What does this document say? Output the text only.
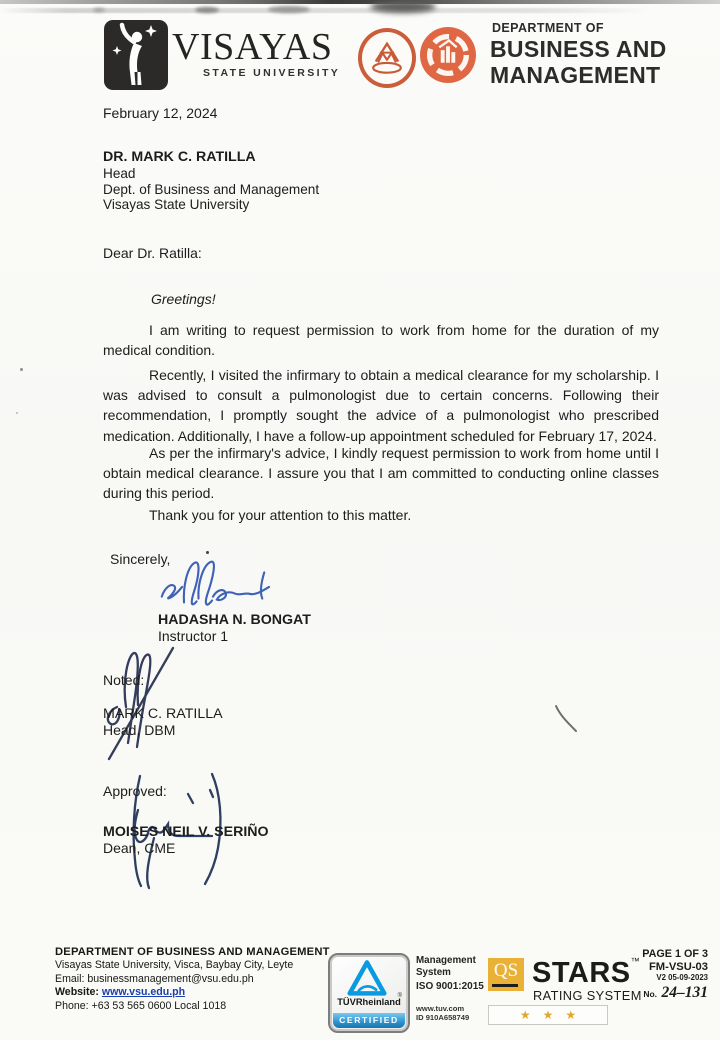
VISAYAS
STATE UNIVERSITY
DEPARTMENT OF
BUSINESS AND
MANAGEMENT
February 12, 2024
DR. MARK C. RATILLA
Head
Dept. of Business and Management
Visayas State University
Dear Dr. Ratilla:
Greetings!
I am writing to request permission to work from home for the duration of my medical condition.
Recently, I visited the infirmary to obtain a medical clearance for my scholarship. I was advised to consult a pulmonologist due to certain concerns. Following their recommendation, I promptly sought the advice of a pulmonologist who prescribed medication. Additionally, I have a follow-up appointment scheduled for February 17, 2024.
As per the infirmary's advice, I kindly request permission to work from home until I obtain medical clearance. I assure you that I am committed to conducting online classes during this period.
Thank you for your attention to this matter.
Sincerely,
HADASHA N. BONGAT
Instructor 1
Noted:
MARK C. RATILLA
Head, DBM
Approved:
MOISES NEIL V. SERIÑO
Dean, CME
DEPARTMENT OF BUSINESS AND MANAGEMENT
Visayas State University, Visca, Baybay City, Leyte
Email: businessmanagement@vsu.edu.ph
Website: www.vsu.edu.ph
Phone: +63 53 565 0600 Local 1018	TÜVRheinland
®
CERTIFIED
Management
System
ISO 9001:2015
www.tuv.com
ID 910A658749
QS STARS™
RATING SYSTEM
★★★
PAGE 1 OF 3
FM-VSU-03
V2 05-09-2023
No. 24–131
